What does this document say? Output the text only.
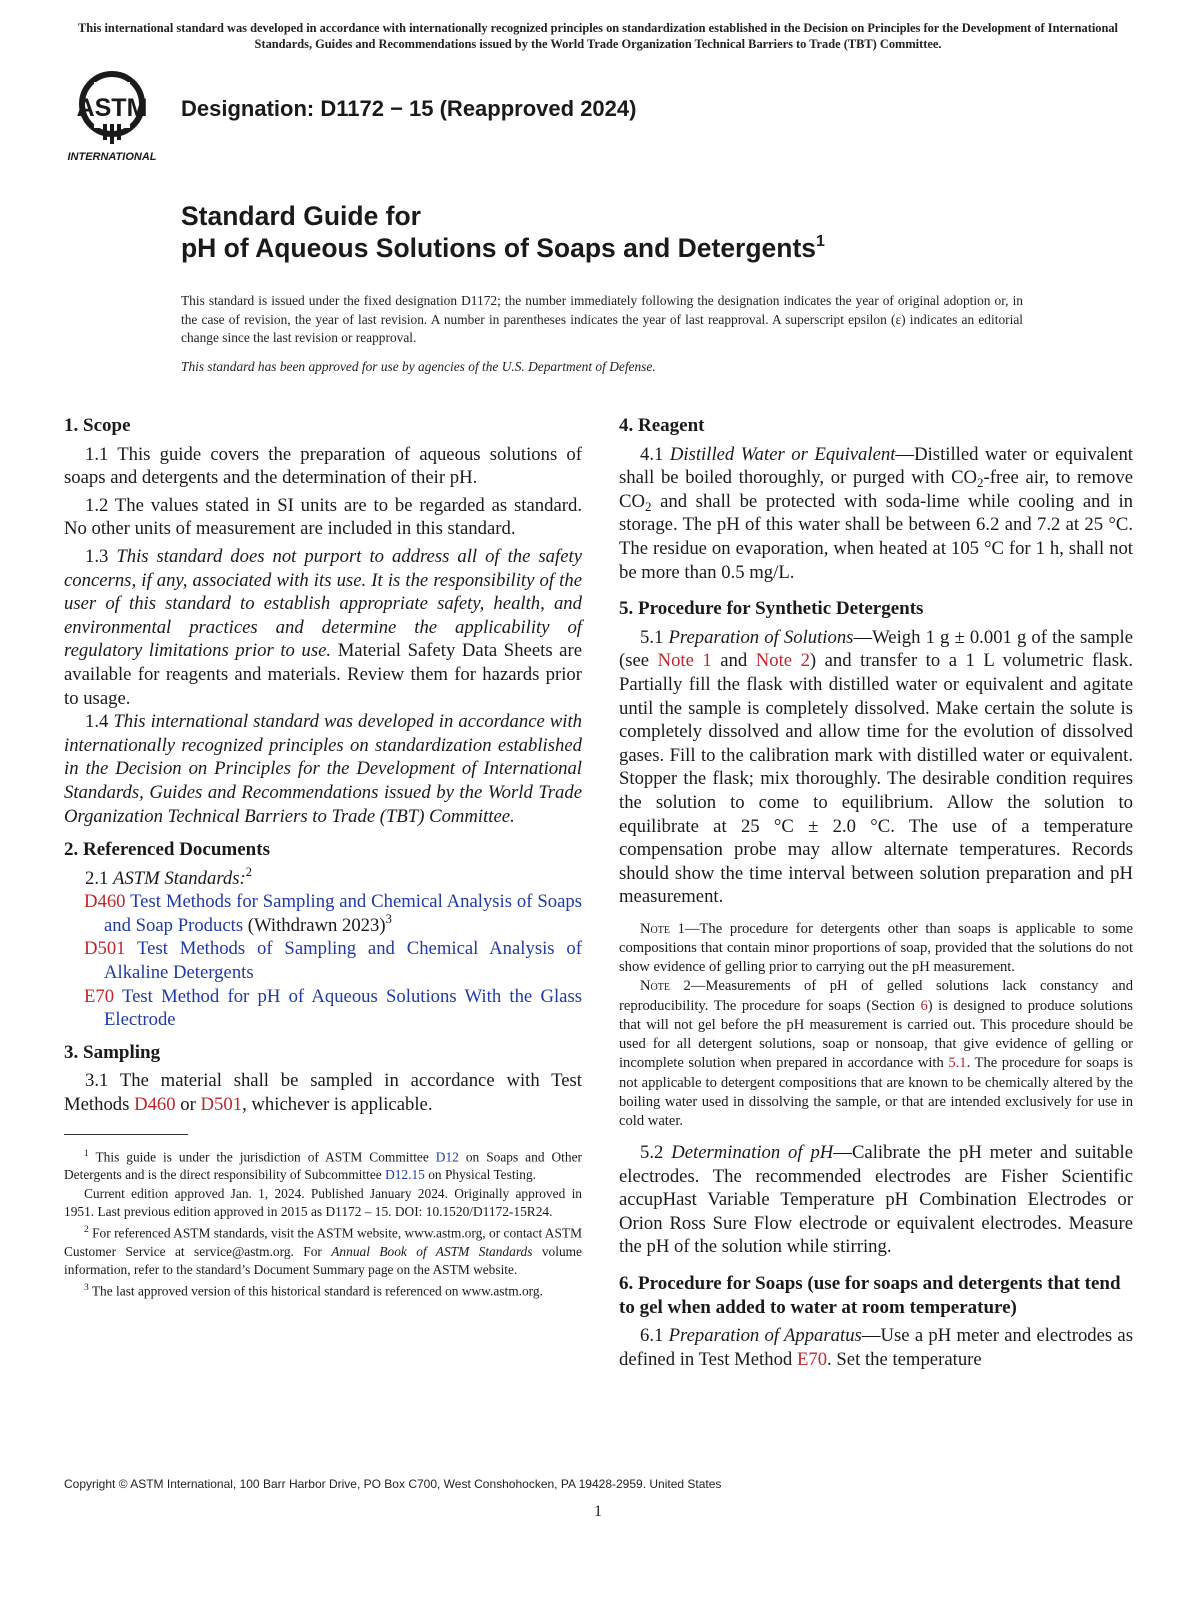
This international standard was developed in accordance with internationally recognized principles on standardization established in the Decision on Principles for the Development of International Standards, Guides and Recommendations issued by the World Trade Organization Technical Barriers to Trade (TBT) Committee.
ASTM
INTERNATIONAL
Designation: D1172 − 15 (Reapproved 2024)
Standard Guide for
pH of Aqueous Solutions of Soaps and Detergents$^1$
This standard is issued under the fixed designation D1172; the number immediately following the designation indicates the year of original adoption or, in the case of revision, the year of last revision. A number in parentheses indicates the year of last reapproval. A superscript epsilon (ε) indicates an editorial change since the last revision or reapproval.
This standard has been approved for use by agencies of the U.S. Department of Defense.
1. Scope

1.1 This guide covers the preparation of aqueous solutions of soaps and detergents and the determination of their pH.

1.2 The values stated in SI units are to be regarded as standard. No other units of measurement are included in this standard.

1.3 This standard does not purport to address all of the safety concerns, if any, associated with its use. It is the responsibility of the user of this standard to establish appropriate safety, health, and environmental practices and determine the applicability of regulatory limitations prior to use. Material Safety Data Sheets are available for reagents and materials. Review them for hazards prior to usage.

1.4 This international standard was developed in accordance with internationally recognized principles on standardization established in the Decision on Principles for the Development of International Standards, Guides and Recommendations issued by the World Trade Organization Technical Barriers to Trade (TBT) Committee.

2. Referenced Documents

2.1 ASTM Standards:$^2$

D460 Test Methods for Sampling and Chemical Analysis of Soaps and Soap Products (Withdrawn 2023)$^3$

D501 Test Methods of Sampling and Chemical Analysis of Alkaline Detergents

E70 Test Method for pH of Aqueous Solutions With the Glass Electrode

3. Sampling

3.1 The material shall be sampled in accordance with Test Methods D460 or D501, whichever is applicable.

$^1$ This guide is under the jurisdiction of ASTM Committee D12 on Soaps and Other Detergents and is the direct responsibility of Subcommittee D12.15 on Physical Testing.

Current edition approved Jan. 1, 2024. Published January 2024. Originally approved in 1951. Last previous edition approved in 2015 as D1172 – 15. DOI: 10.1520/D1172-15R24.

$^2$ For referenced ASTM standards, visit the ASTM website, www.astm.org, or contact ASTM Customer Service at service@astm.org. For Annual Book of ASTM Standards volume information, refer to the standard’s Document Summary page on the ASTM website.

$^3$ The last approved version of this historical standard is referenced on www.astm.org.

4. Reagent

4.1 Distilled Water or Equivalent—Distilled water or equivalent shall be boiled thoroughly, or purged with $CO_2$-free air, to remove $CO_2$ and shall be protected with soda-lime while cooling and in storage. The pH of this water shall be between 6.2 and 7.2 at 25 °C. The residue on evaporation, when heated at 105 °C for 1 h, shall not be more than 0.5 mg/L.

5. Procedure for Synthetic Detergents

5.1 Preparation of Solutions—Weigh 1 g ± 0.001 g of the sample (see Note 1 and Note 2) and transfer to a 1 L volumetric flask. Partially fill the flask with distilled water or equivalent and agitate until the sample is completely dissolved. Make certain the solute is completely dissolved and allow time for the evolution of dissolved gases. Fill to the calibration mark with distilled water or equivalent. Stopper the flask; mix thoroughly. The desirable condition requires the solution to come to equilibrium. Allow the solution to equilibrate at 25 °C ± 2.0 °C. The use of a temperature compensation probe may allow alternate temperatures. Records should show the time interval between solution preparation and pH measurement.

Note 1—The procedure for detergents other than soaps is applicable to some compositions that contain minor proportions of soap, provided that the solutions do not show evidence of gelling prior to carrying out the pH measurement.

Note 2—Measurements of pH of gelled solutions lack constancy and reproducibility. The procedure for soaps (Section 6) is designed to produce solutions that will not gel before the pH measurement is carried out. This procedure should be used for all detergent solutions, soap or nonsoap, that give evidence of gelling or incomplete solution when prepared in accordance with 5.1. The procedure for soaps is not applicable to detergent compositions that are known to be chemically altered by the boiling water used in dissolving the sample, or that are intended exclusively for use in cold water.

5.2 Determination of pH—Calibrate the pH meter and suitable electrodes. The recommended electrodes are Fisher Scientific accupHast Variable Temperature pH Combination Electrodes or Orion Ross Sure Flow electrode or equivalent electrodes. Measure the pH of the solution while stirring.

6. Procedure for Soaps (use for soaps and detergents that tend to gel when added to water at room temperature)

6.1 Preparation of Apparatus—Use a pH meter and electrodes as defined in Test Method E70. Set the temperature

Copyright © ASTM International, 100 Barr Harbor Drive, PO Box C700, West Conshohocken, PA 19428-2959. United States
1
